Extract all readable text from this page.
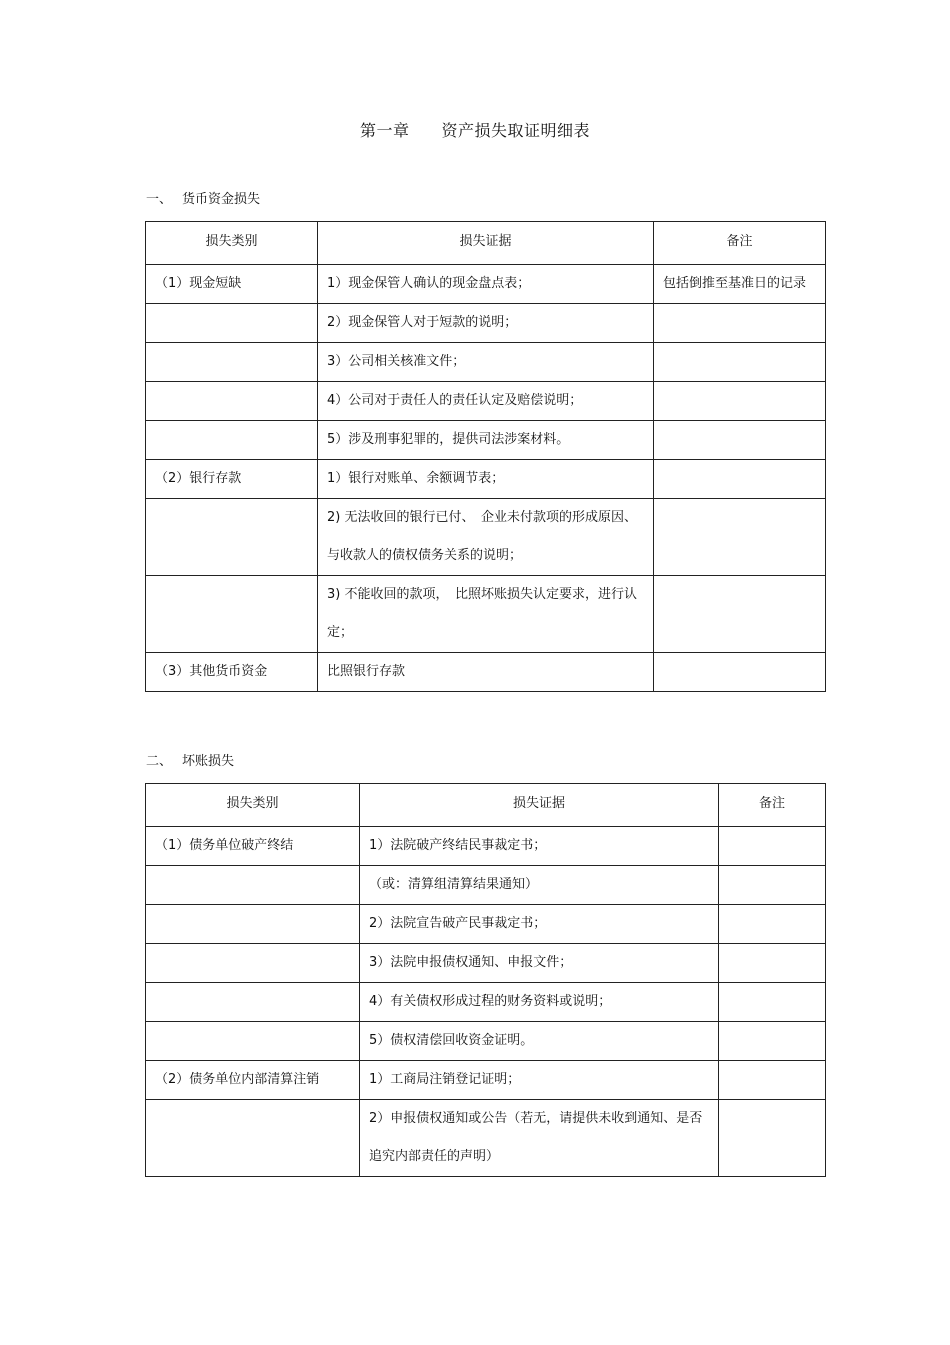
第一章 资产损失取证明细表
一、 货币资金损失
损失类别	损失证据	备注
（1）现金短缺	1）现金保管人确认的现金盘点表；	包括倒推至基准日的记录
	2）现金保管人对于短款的说明；	
	3）公司相关核准文件；	
	4）公司对于责任人的责任认定及赔偿说明；	
	5）涉及刑事犯罪的，提供司法涉案材料。	
（2）银行存款	1）银行对账单、余额调节表；	
	2) 无法收回的银行已付、　企业未付款项的形成原因、与收款人的债权债务关系的说明；	
	3) 不能收回的款项，　比照坏账损失认定要求，进行认定；	
（3）其他货币资金	比照银行存款	
二、 坏账损失
损失类别	损失证据	备注
（1）债务单位破产终结	1）法院破产终结民事裁定书；	
	（或：清算组清算结果通知）	
	2）法院宣告破产民事裁定书；	
	3）法院申报债权通知、申报文件；	
	4）有关债权形成过程的财务资料或说明；	
	5）债权清偿回收资金证明。	
（2）债务单位内部清算注销	1）工商局注销登记证明；	
	2）申报债权通知或公告（若无，请提供未收到通知、是否追究内部责任的声明）	
